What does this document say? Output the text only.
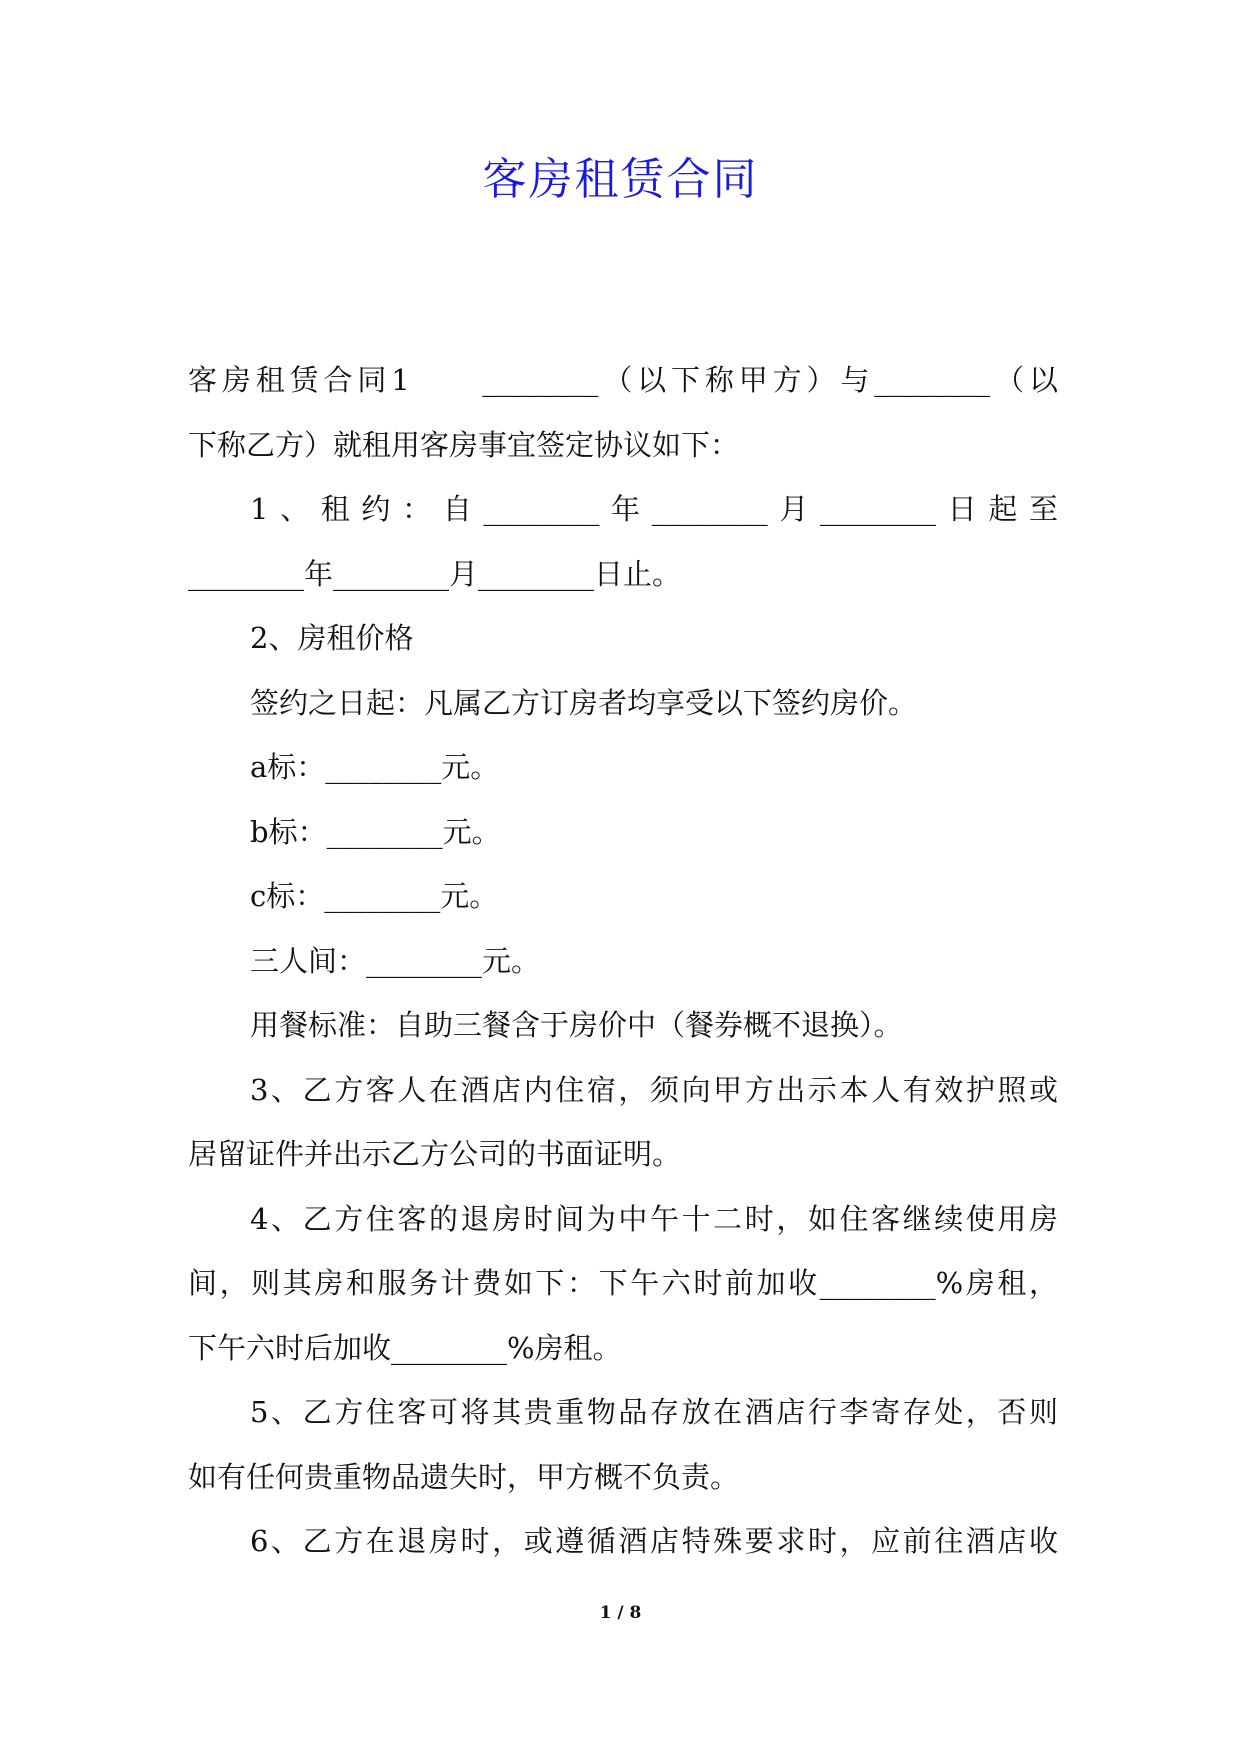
客房租赁合同

客房租赁合同1　　________（以下称甲方）与________（以

下称乙方）就租用客房事宜签定协议如下：

1、租约：自________年________月________日起至

________年________月________日止。

2、房租价格

签约之日起：凡属乙方订房者均享受以下签约房价。

a标：________元。

b标：________元。

c标：________元。

三人间：________元。

用餐标准：自助三餐含于房价中（餐券概不退换）。

3、乙方客人在酒店内住宿，须向甲方出示本人有效护照或

居留证件并出示乙方公司的书面证明。

4、乙方住客的退房时间为中午十二时，如住客继续使用房

间，则其房和服务计费如下：下午六时前加收________%房租，

下午六时后加收________%房租。

5、乙方住客可将其贵重物品存放在酒店行李寄存处，否则

如有任何贵重物品遗失时，甲方概不负责。

6、乙方在退房时，或遵循酒店特殊要求时，应前往酒店收

1 / 8
